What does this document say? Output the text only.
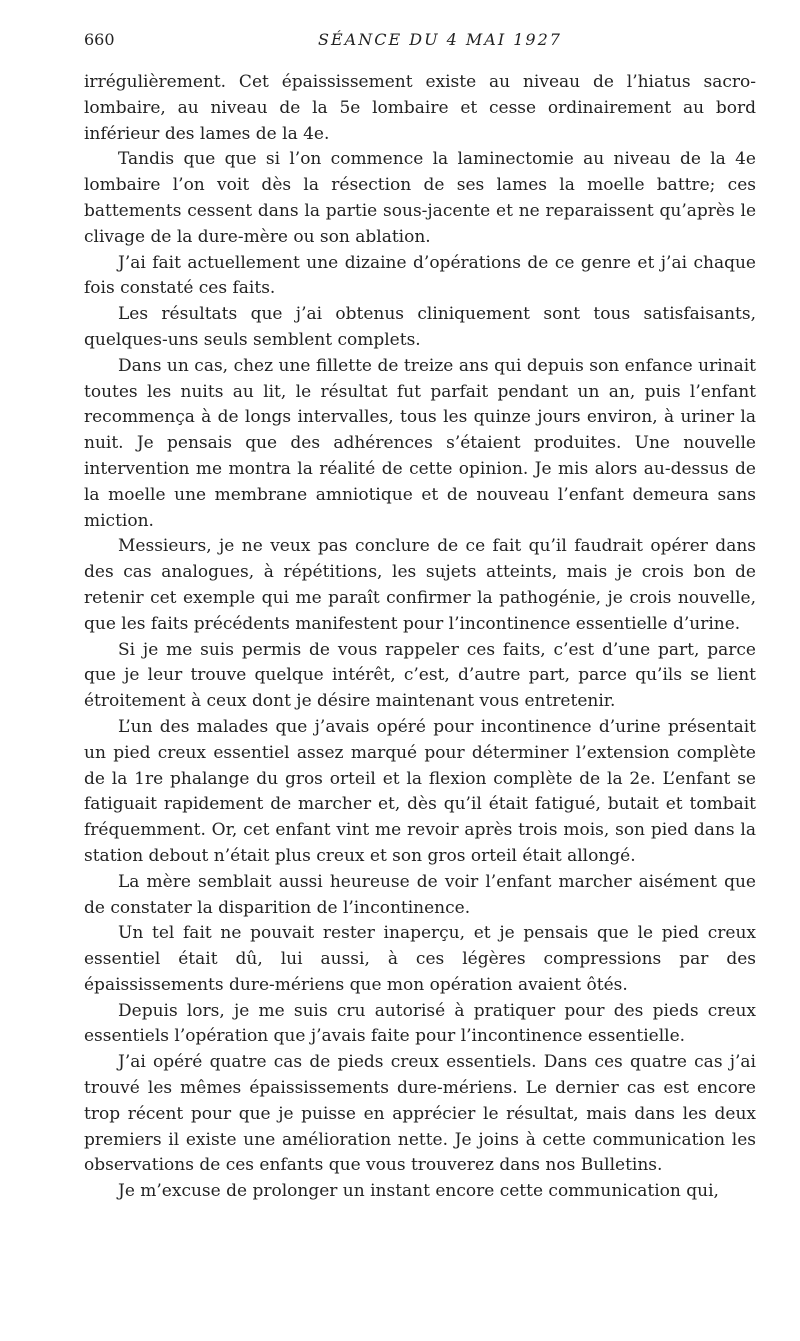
660	SÉANCE DU 4 MAI 1927

irrégulièrement. Cet épaississement existe au niveau de l’hiatus sacro-lombaire, au niveau de la 5e lombaire et cesse ordinairement au bord inférieur des lames de la 4e.

Tandis que que si l’on commence la laminectomie au niveau de la 4e lombaire l’on voit dès la résection de ses lames la moelle battre; ces battements cessent dans la partie sous-jacente et ne reparaissent qu’après le clivage de la dure-mère ou son ablation.

J’ai fait actuellement une dizaine d’opérations de ce genre et j’ai chaque fois constaté ces faits.

Les résultats que j’ai obtenus cliniquement sont tous satisfaisants, quelques-uns seuls semblent complets.

Dans un cas, chez une fillette de treize ans qui depuis son enfance urinait toutes les nuits au lit, le résultat fut parfait pendant un an, puis l’enfant recommença à de longs intervalles, tous les quinze jours environ, à uriner la nuit. Je pensais que des adhérences s’étaient produites. Une nouvelle intervention me montra la réalité de cette opinion. Je mis alors au-dessus de la moelle une membrane amniotique et de nouveau l’enfant demeura sans miction.

Messieurs, je ne veux pas conclure de ce fait qu’il faudrait opérer dans des cas analogues, à répétitions, les sujets atteints, mais je crois bon de retenir cet exemple qui me paraît confirmer la pathogénie, je crois nouvelle, que les faits précédents manifestent pour l’incontinence essentielle d’urine.

Si je me suis permis de vous rappeler ces faits, c’est d’une part, parce que je leur trouve quelque intérêt, c’est, d’autre part, parce qu’ils se lient étroitement à ceux dont je désire maintenant vous entretenir.

L’un des malades que j’avais opéré pour incontinence d’urine présentait un pied creux essentiel assez marqué pour déterminer l’extension complète de la 1re phalange du gros orteil et la flexion complète de la 2e. L’enfant se fatiguait rapidement de marcher et, dès qu’il était fatigué, butait et tombait fréquemment. Or, cet enfant vint me revoir après trois mois, son pied dans la station debout n’était plus creux et son gros orteil était allongé.

La mère semblait aussi heureuse de voir l’enfant marcher aisément que de constater la disparition de l’incontinence.

Un tel fait ne pouvait rester inaperçu, et je pensais que le pied creux essentiel était dû, lui aussi, à ces légères compressions par des épaississements dure-mériens que mon opération avaient ôtés.

Depuis lors, je me suis cru autorisé à pratiquer pour des pieds creux essentiels l’opération que j’avais faite pour l’incontinence essentielle.

J’ai opéré quatre cas de pieds creux essentiels. Dans ces quatre cas j’ai trouvé les mêmes épaississements dure-mériens. Le dernier cas est encore trop récent pour que je puisse en apprécier le résultat, mais dans les deux premiers il existe une amélioration nette. Je joins à cette communication les observations de ces enfants que vous trouverez dans nos Bulletins.

Je m’excuse de prolonger un instant encore cette communication qui,
